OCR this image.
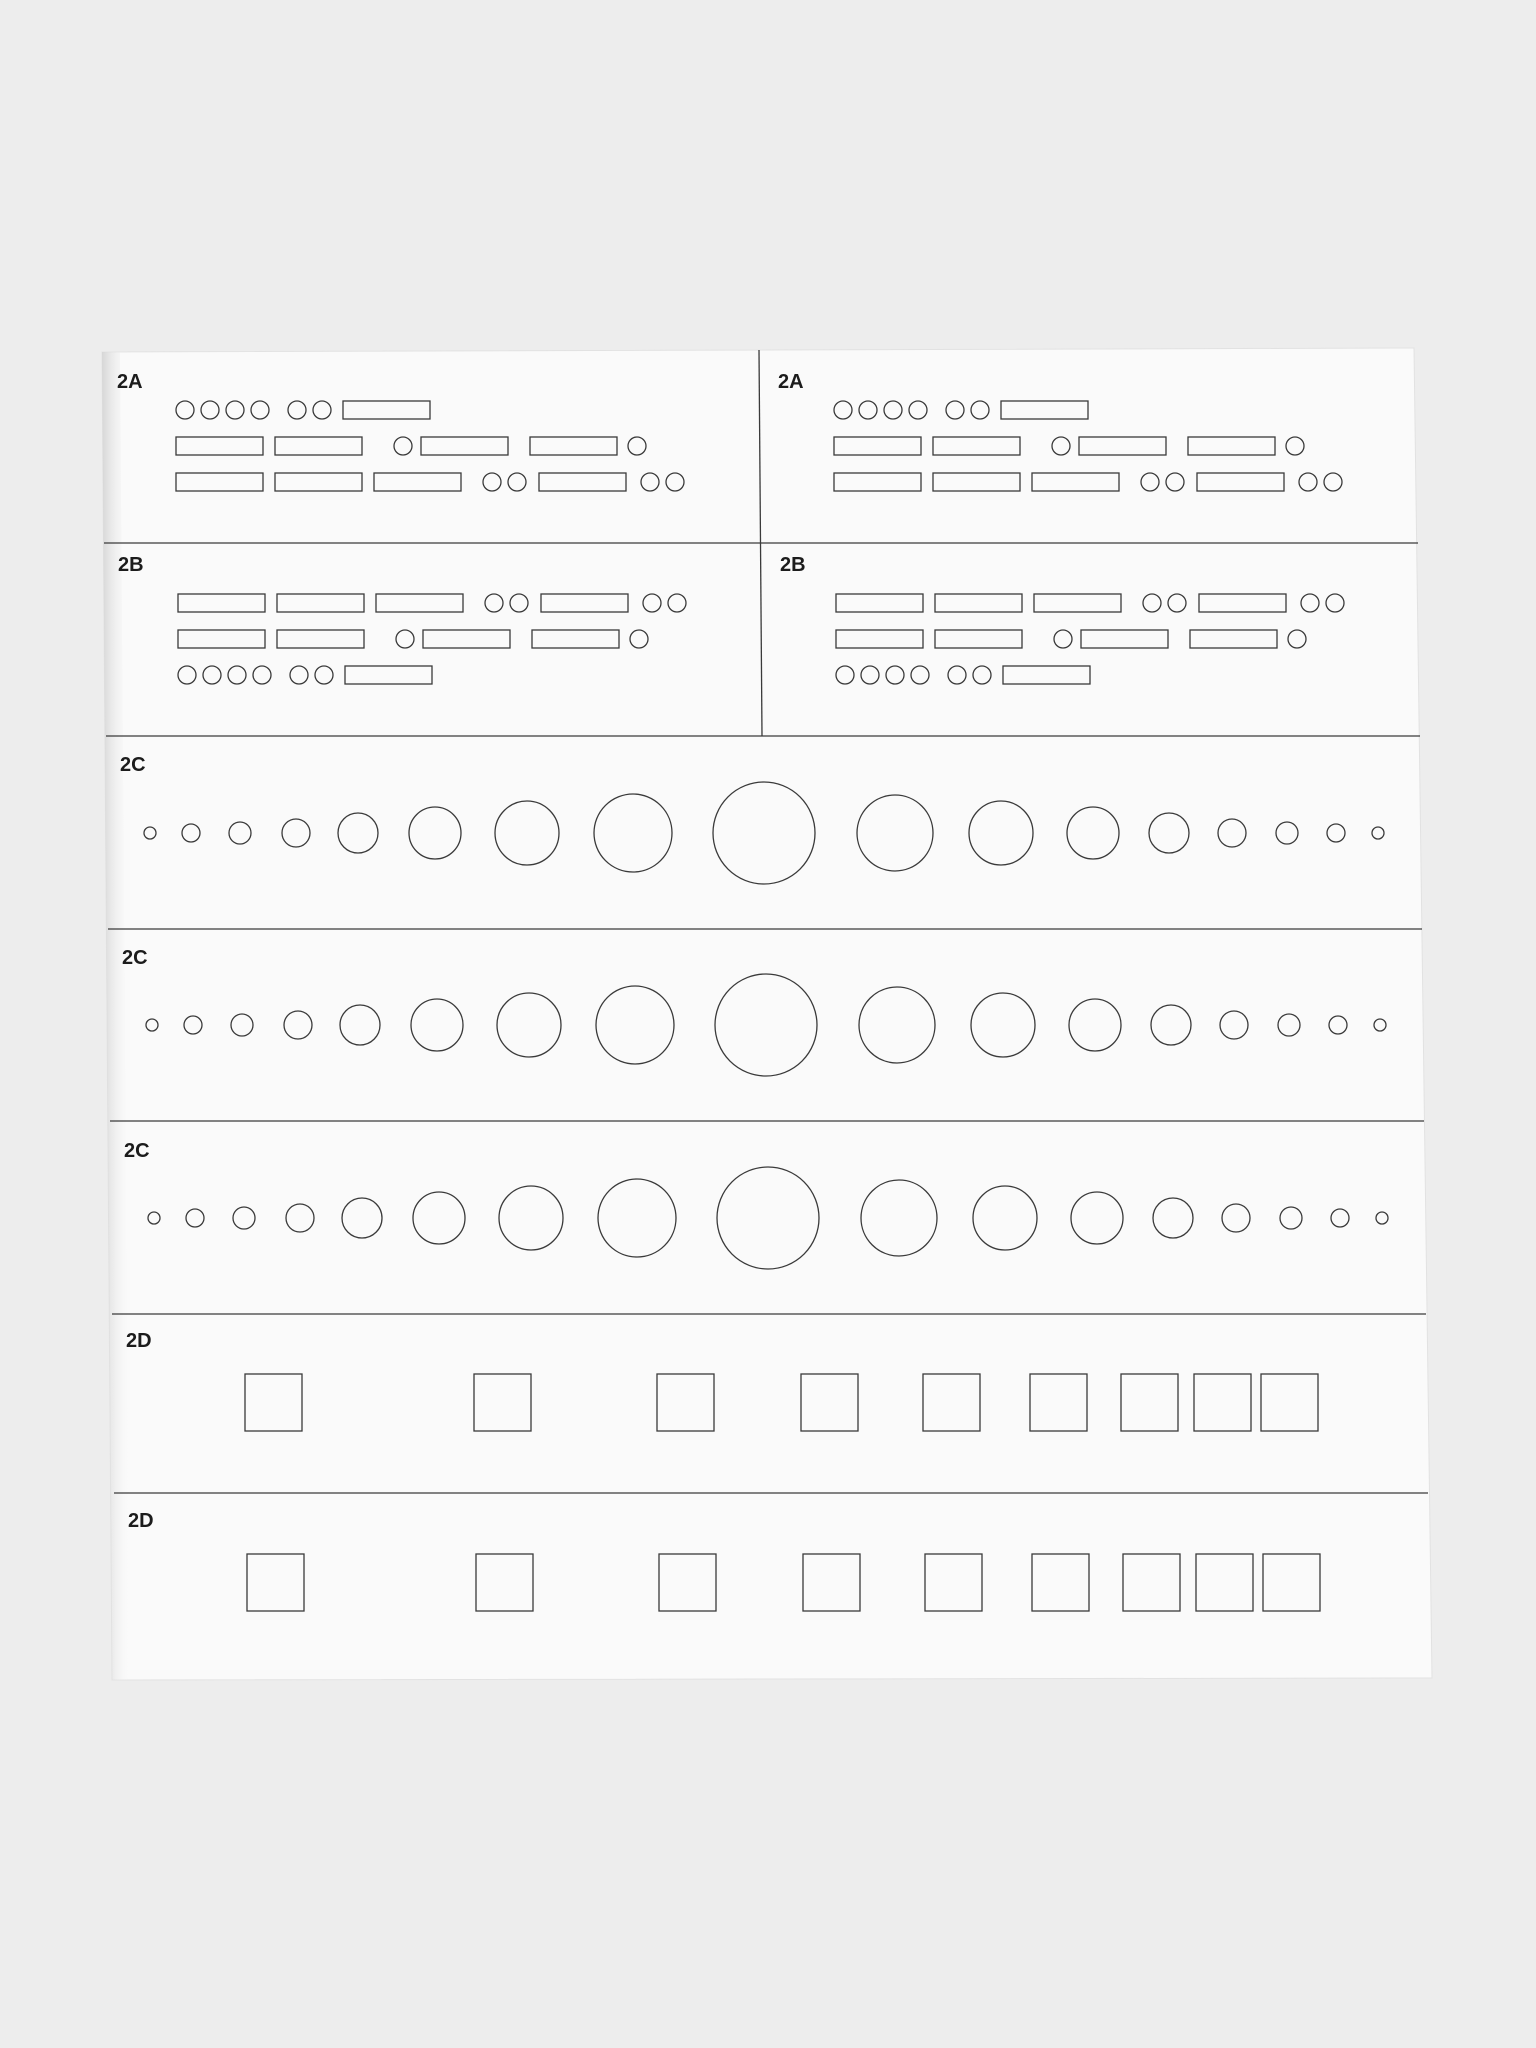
2A	2A
2B	2B
2C
2C
2C
2D
2D
